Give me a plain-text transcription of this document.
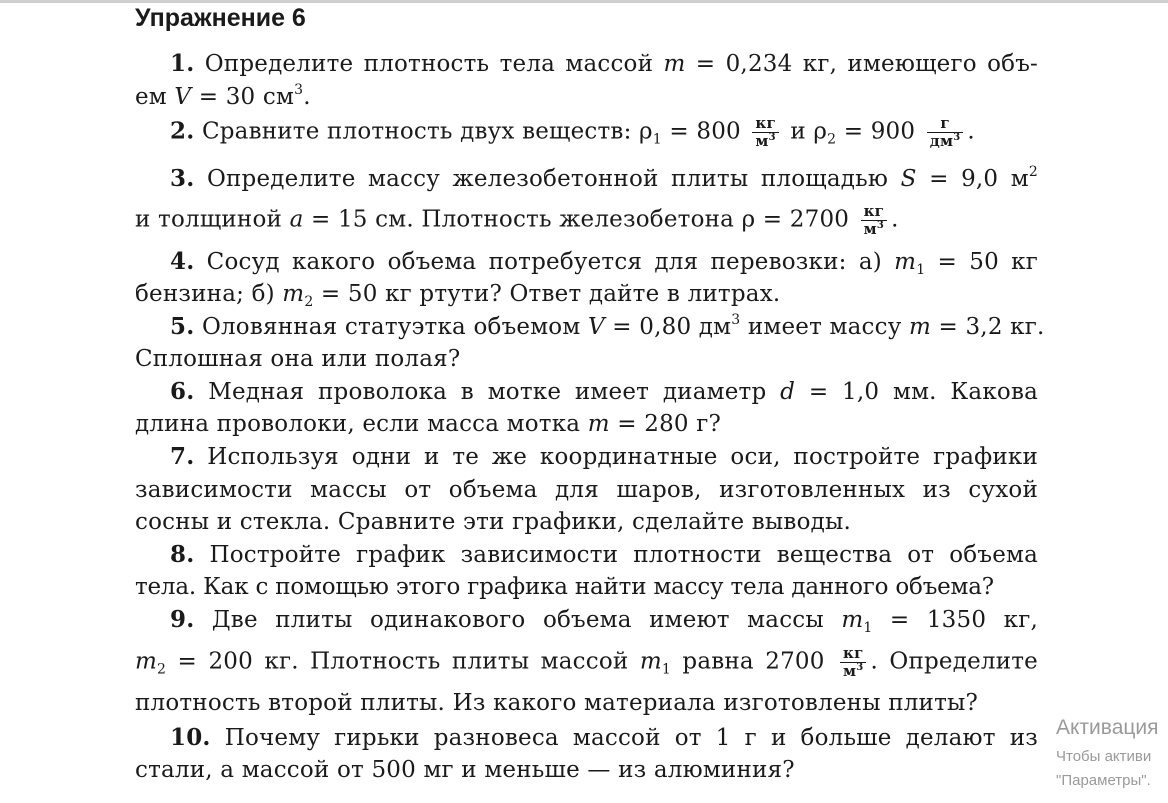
Упражнение 6
1. Определите плотность тела массой m = 0,234 кг, имеющего объ-
ем V = 30 $см^3$.
2. Сравните плотность двух веществ: $\rho_1 = 800 \frac{кг}{м^3}$ и $\rho_2 = 900 \frac{г}{дм^3}$ .
3. Определите массу железобетонной плиты площадью S = 9,0 $м^2$
и толщиной a = 15 см. Плотность железобетона $\rho = 2700 \frac{кг}{м^3}$ .
4. Сосуд какого объема потребуется для перевозки: а) $m_1 = 50$ кг
бензина; б) $m_2 = 50$ кг ртути? Ответ дайте в литрах.
5. Оловянная статуэтка объемом V = 0,80 $дм^3$ имеет массу m = 3,2 кг.
Сплошная она или полая?
6. Медная проволока в мотке имеет диаметр d = 1,0 мм. Какова
длина проволоки, если масса мотка m = 280 г?
7. Используя одни и те же координатные оси, постройте графики
зависимости массы от объема для шаров, изготовленных из сухой
сосны и стекла. Сравните эти графики, сделайте выводы.
8. Постройте график зависимости плотности вещества от объема
тела. Как с помощью этого графика найти массу тела данного объема?
9. Две плиты одинакового объема имеют массы $m_1 = 1350$ кг,
$m_2 = 200$ кг. Плотность плиты массой $m_1$ равна $2700 \frac{кг}{м^3}$ . Определите
плотность второй плиты. Из какого материала изготовлены плиты?
10. Почему гирьки разновеса массой от 1 г и больше делают из
стали, а массой от 500 мг и меньше — из алюминия?
Активация
Чтобы активи
"Параметры".
